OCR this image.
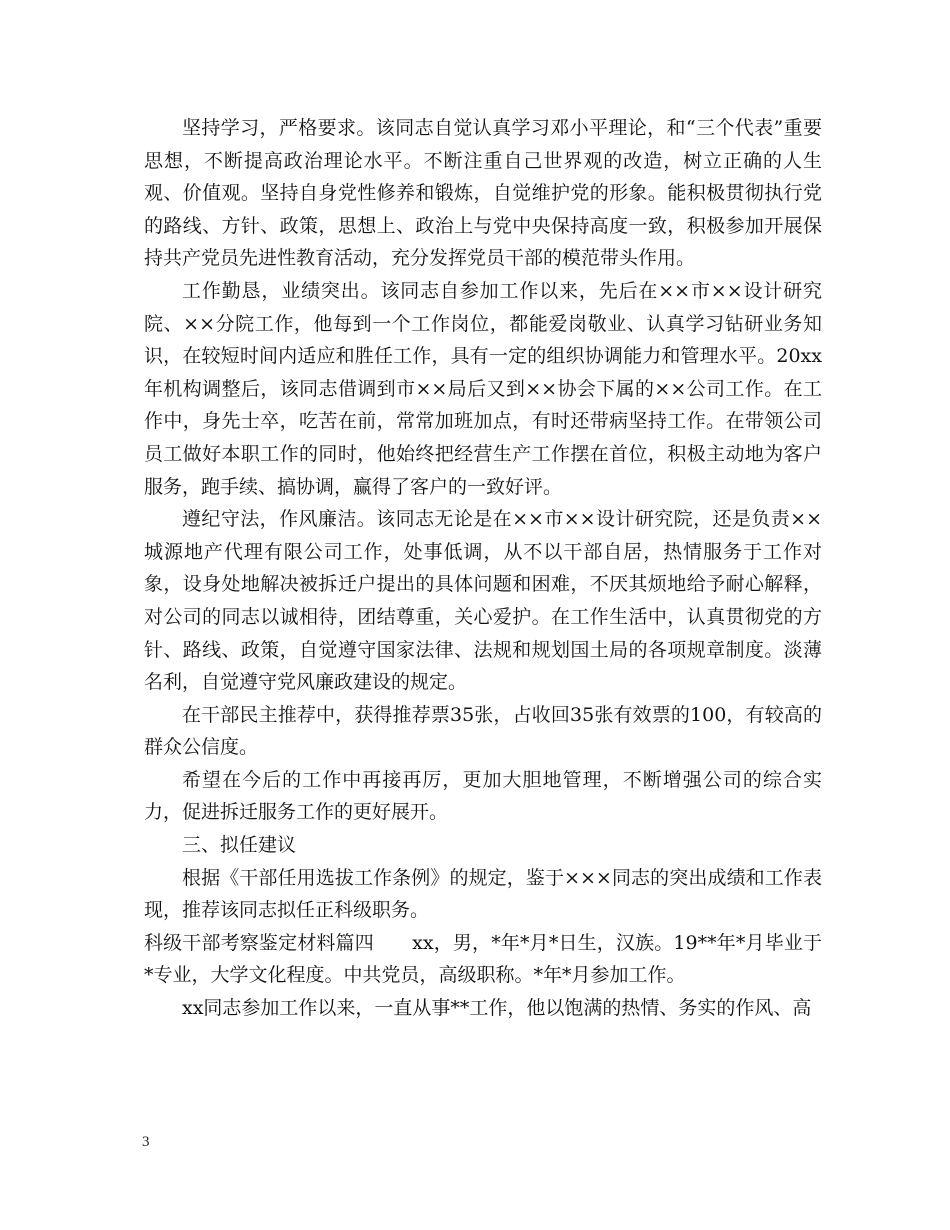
坚持学习，严格要求。该同志自觉认真学习邓小平理论，和“三个代表”重要思想，不断提高政治理论水平。不断注重自己世界观的改造，树立正确的人生观、价值观。坚持自身党性修养和锻炼，自觉维护党的形象。能积极贯彻执行党的路线、方针、政策，思想上、政治上与党中央保持高度一致，积极参加开展保持共产党员先进性教育活动，充分发挥党员干部的模范带头作用。

工作勤恳，业绩突出。该同志自参加工作以来，先后在××市××设计研究院、××分院工作，他每到一个工作岗位，都能爱岗敬业、认真学习钻研业务知识，在较短时间内适应和胜任工作，具有一定的组织协调能力和管理水平。20xx年机构调整后，该同志借调到市××局后又到××协会下属的××公司工作。在工作中，身先士卒，吃苦在前，常常加班加点，有时还带病坚持工作。在带领公司员工做好本职工作的同时，他始终把经营生产工作摆在首位，积极主动地为客户服务，跑手续、搞协调，赢得了客户的一致好评。

遵纪守法，作风廉洁。该同志无论是在××市××设计研究院，还是负责××城源地产代理有限公司工作，处事低调，从不以干部自居，热情服务于工作对象，设身处地解决被拆迁户提出的具体问题和困难，不厌其烦地给予耐心解释，对公司的同志以诚相待，团结尊重，关心爱护。在工作生活中，认真贯彻党的方针、路线、政策，自觉遵守国家法律、法规和规划国土局的各项规章制度。淡薄名利，自觉遵守党风廉政建设的规定。

在干部民主推荐中，获得推荐票35张，占收回35张有效票的100，有较高的群众公信度。

希望在今后的工作中再接再厉，更加大胆地管理，不断增强公司的综合实力，促进拆迁服务工作的更好展开。

三、拟任建议

根据《干部任用选拔工作条例》的规定，鉴于×××同志的突出成绩和工作表现，推荐该同志拟任正科级职务。

科级干部考察鉴定材料篇四　　xx，男，*年*月*日生，汉族。19**年*月毕业于*专业，大学文化程度。中共党员，高级职称。*年*月参加工作。

xx同志参加工作以来，一直从事**工作，他以饱满的热情、务实的作风、高

3
